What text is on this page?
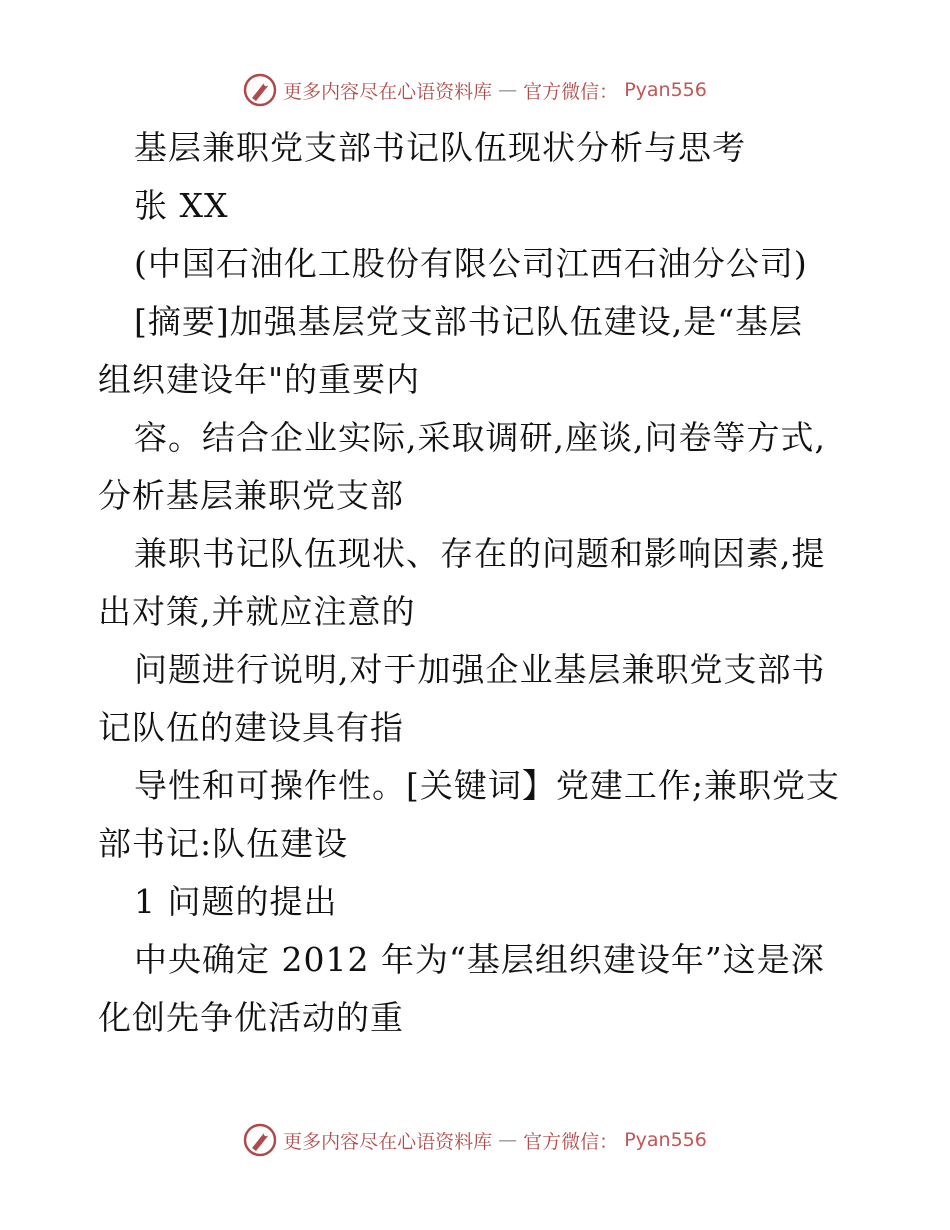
更多内容尽在心语资料库 — 官方微信： Pyan556
基层兼职党支部书记队伍现状分析与思考
张 XX
(中国石油化工股份有限公司江西石油分公司)
[摘要]加强基层党支部书记队伍建设,是“基层
组织建设年"的重要内
容。结合企业实际,采取调研,座谈,问卷等方式,
分析基层兼职党支部
兼职书记队伍现状、存在的问题和影响因素,提
出对策,并就应注意的
问题进行说明,对于加强企业基层兼职党支部书
记队伍的建设具有指
导性和可操作性。[关键词】党建工作;兼职党支
部书记:队伍建设
1 问题的提出
中央确定 2012 年为“基层组织建设年”这是深
化创先争优活动的重
更多内容尽在心语资料库 — 官方微信： Pyan556
